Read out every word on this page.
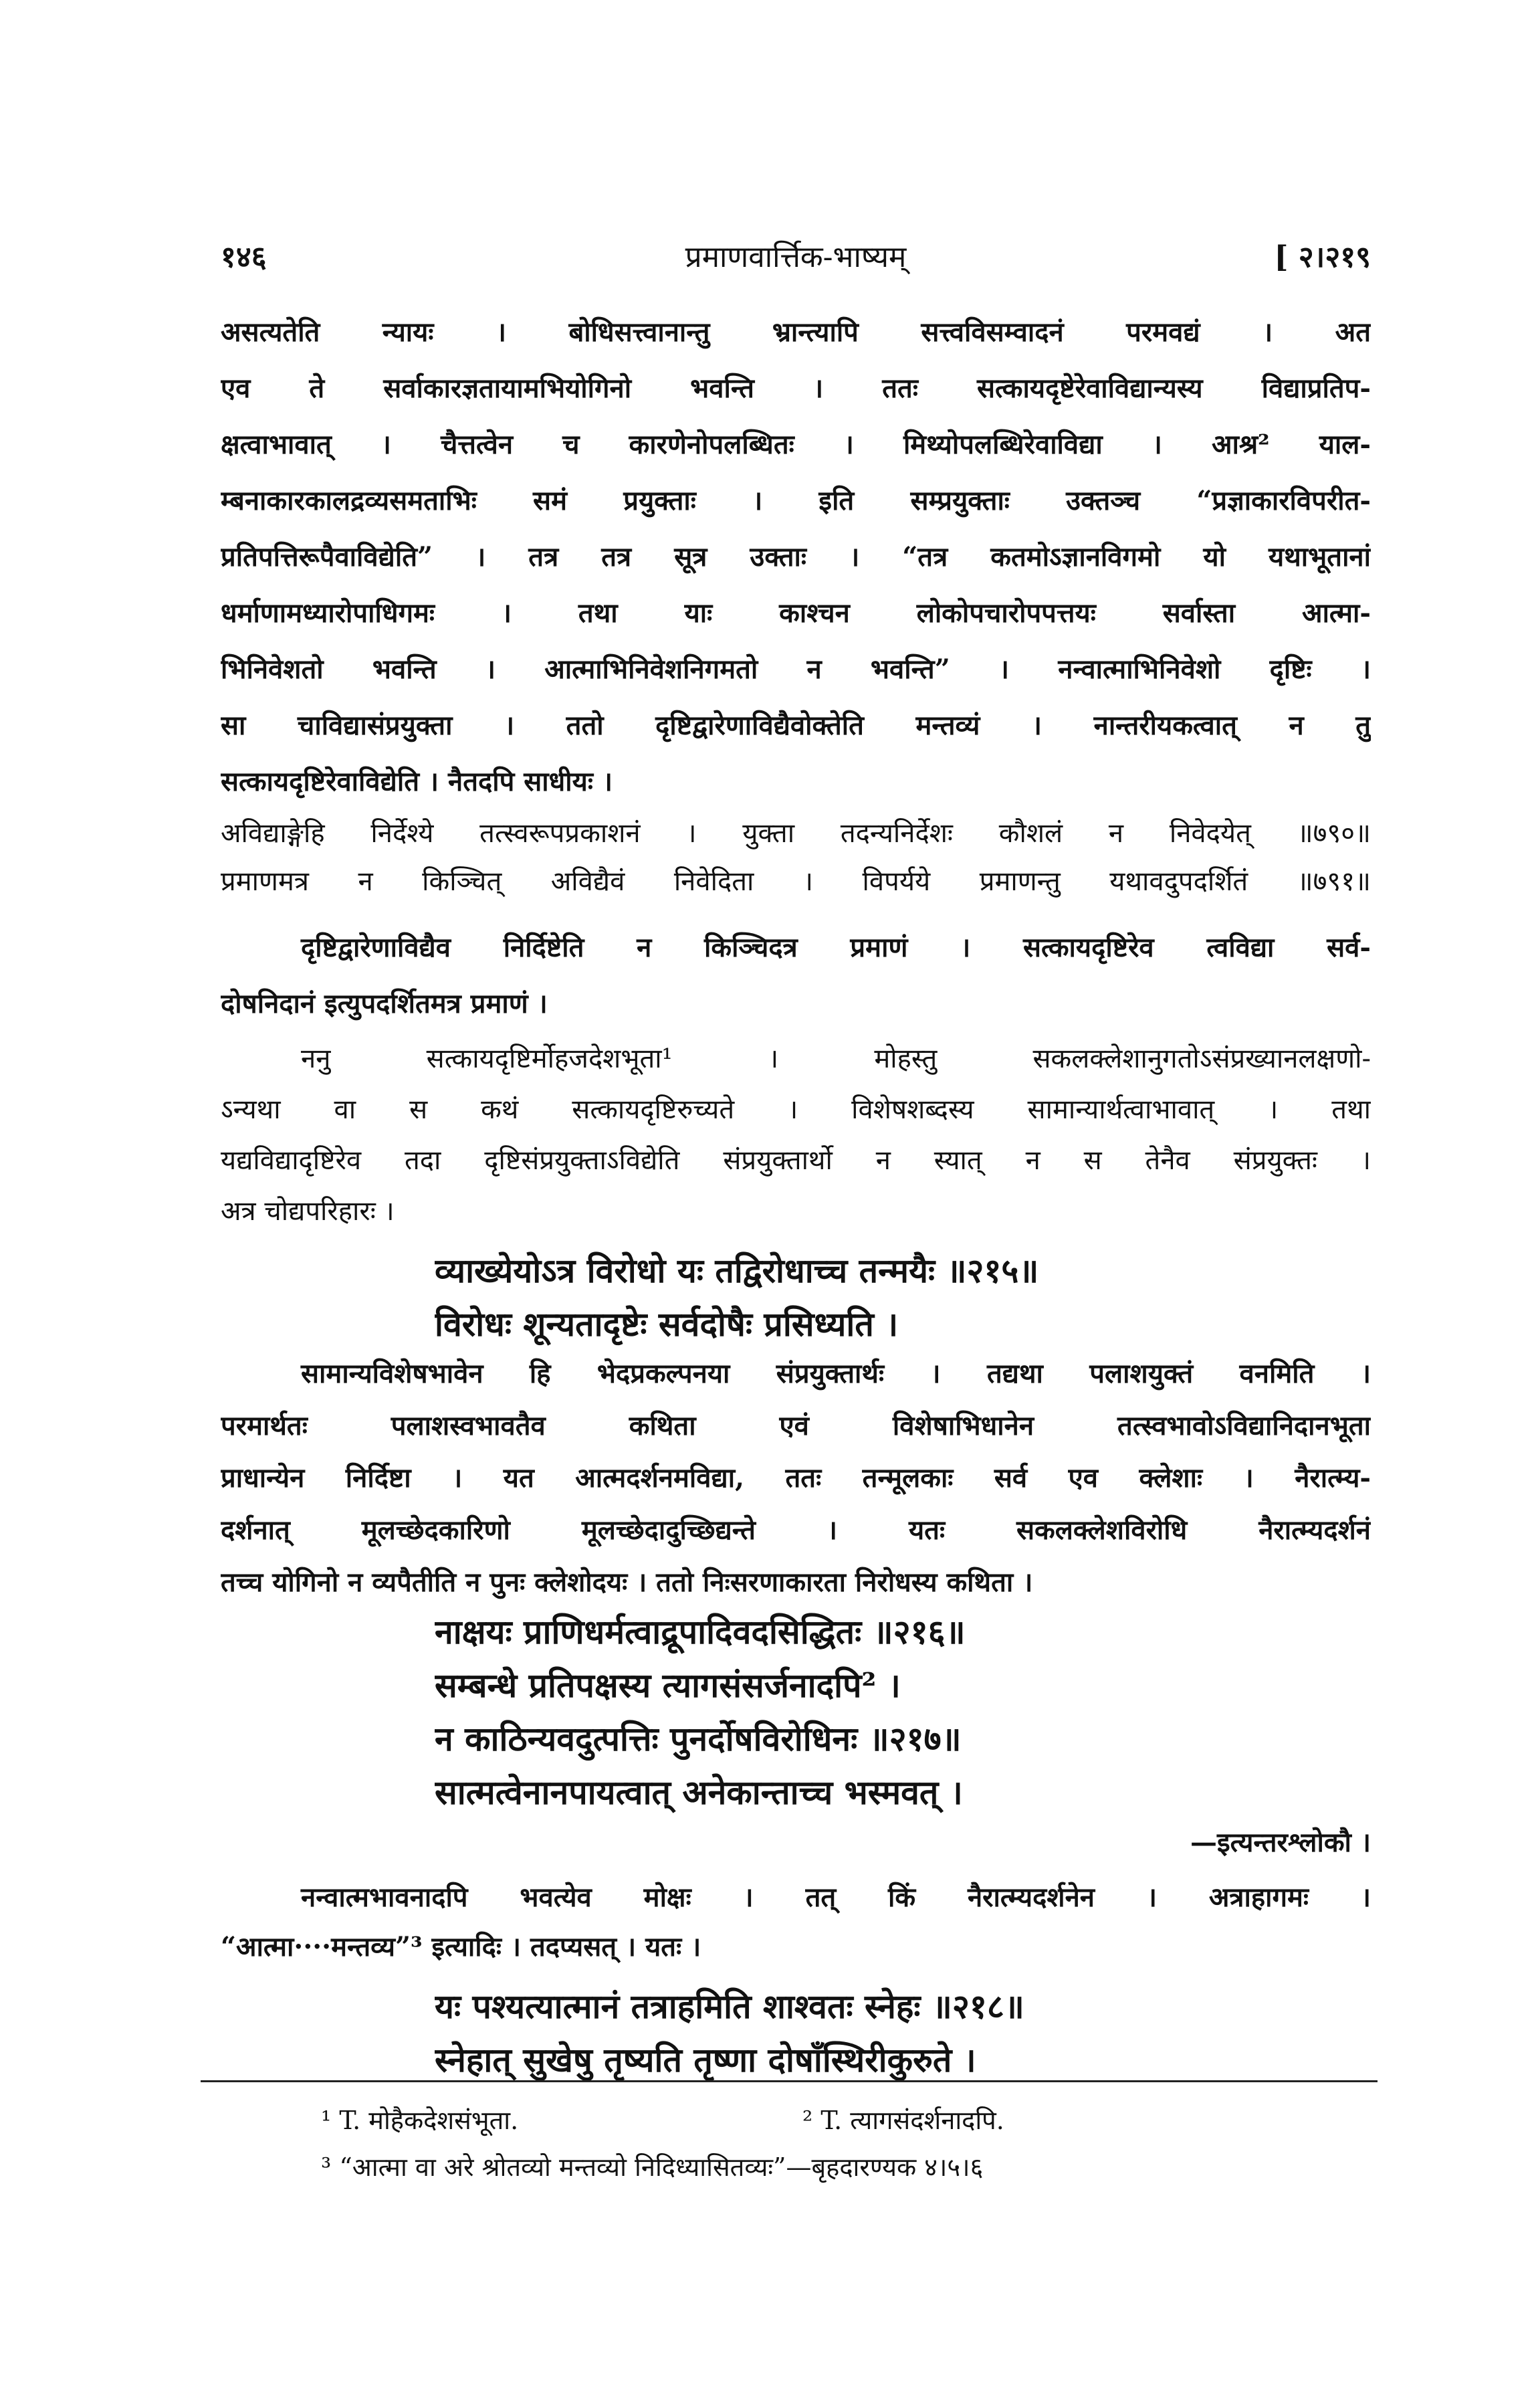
१४६	प्रमाणवार्त्तिक-भाष्यम्	[ २।२१९
असत्यतेति न्यायः । बोधिसत्त्वानान्तु भ्रान्त्यापि सत्त्वविसम्वादनं परमवद्यं । अत
एव ते सर्वाकारज्ञतायामभियोगिनो भवन्ति । ततः सत्कायदृष्टेरेवाविद्यान्यस्य विद्याप्रतिप-
क्षत्वाभावात् । चैत्तत्वेन च कारणेनोपलब्धितः । मिथ्योपलब्धिरेवाविद्या । आश्र² याल-
म्बनाकारकालद्रव्यसमताभिः समं प्रयुक्ताः । इति सम्प्रयुक्ताः उक्तञ्च “प्रज्ञाकारविपरीत-
प्रतिपत्तिरूपैवाविद्येति” । तत्र तत्र सूत्र उक्ताः । “तत्र कतमोऽज्ञानविगमो यो यथाभूतानां
धर्माणामध्यारोपाधिगमः । तथा याः काश्चन लोकोपचारोपपत्तयः सर्वास्ता आत्मा-
भिनिवेशतो भवन्ति । आत्माभिनिवेशनिगमतो न भवन्ति” । नन्वात्माभिनिवेशो दृष्टिः ।
सा चाविद्यासंप्रयुक्ता । ततो दृष्टिद्वारेणाविद्यैवोक्तेति मन्तव्यं । नान्तरीयकत्वात् न तु
सत्कायदृष्टिरेवाविद्येति । नैतदपि साधीयः ।
अविद्याङ्गेहि निर्देश्ये तत्स्वरूपप्रकाशनं । युक्ता तदन्यनिर्देशः कौशलं न निवेदयेत् ॥७९०॥
प्रमाणमत्र न किञ्चित् अविद्यैवं निवेदिता । विपर्यये प्रमाणन्तु यथावदुपदर्शितं ॥७९१॥
दृष्टिद्वारेणाविद्यैव निर्दिष्टेति न किञ्चिदत्र प्रमाणं । सत्कायदृष्टिरेव त्वविद्या सर्व-
दोषनिदानं इत्युपदर्शितमत्र प्रमाणं ।
ननु सत्कायदृष्टिर्मोहजदेशभूता¹ । मोहस्तु सकलक्लेशानुगतोऽसंप्रख्यानलक्षणो-
ऽन्यथा वा स कथं सत्कायदृष्टिरुच्यते । विशेषशब्दस्य सामान्यार्थत्वाभावात् । तथा
यद्यविद्यादृष्टिरेव तदा दृष्टिसंप्रयुक्ताऽविद्येति संप्रयुक्तार्थो न स्यात् न स तेनैव संप्रयुक्तः ।
अत्र चोद्यपरिहारः ।
व्याख्येयोऽत्र विरोधो यः तद्विरोधाच्च तन्मयैः ॥२१५॥
विरोधः शून्यतादृष्टेः सर्वदोषैः प्रसिध्यति ।
सामान्यविशेषभावेन हि भेदप्रकल्पनया संप्रयुक्तार्थः । तद्यथा पलाशयुक्तं वनमिति ।
परमार्थतः पलाशस्वभावतैव कथिता एवं विशेषाभिधानेन तत्स्वभावोऽविद्यानिदानभूता
प्राधान्येन निर्दिष्टा । यत आत्मदर्शनमविद्या, ततः तन्मूलकाः सर्व एव क्लेशाः । नैरात्म्य-
दर्शनात् मूलच्छेदकारिणो मूलच्छेदादुच्छिद्यन्ते । यतः सकलक्लेशविरोधि नैरात्म्यदर्शनं
तच्च योगिनो न व्यपैतीति न पुनः क्लेशोदयः । ततो निःसरणाकारता निरोधस्य कथिता ।
नाक्षयः प्राणिधर्मत्वाद्रूपादिवदसिद्धितः ॥२१६॥
सम्बन्धे प्रतिपक्षस्य त्यागसंसर्जनादपि² ।
न काठिन्यवदुत्पत्तिः पुनर्दोषविरोधिनः ॥२१७॥
सात्मत्वेनानपायत्वात् अनेकान्ताच्च भस्मवत् ।
—इत्यन्तरश्लोकौ ।
नन्वात्मभावनादपि भवत्येव मोक्षः । तत् किं नैरात्म्यदर्शनेन । अत्राहागमः ।
“आत्मा····मन्तव्य”³ इत्यादिः । तदप्यसत् । यतः ।
यः पश्यत्यात्मानं तत्राहमिति शाश्वतः स्नेहः ॥२१८॥
स्नेहात् सुखेषु तृष्यति तृष्णा दोषाँस्थिरीकुरुते ।
¹ T. मोहैकदेशसंभूता.	² T. त्यागसंदर्शनादपि.
³ “आत्मा वा अरे श्रोतव्यो मन्तव्यो निदिध्यासितव्यः”—बृहदारण्यक ४।५।६
